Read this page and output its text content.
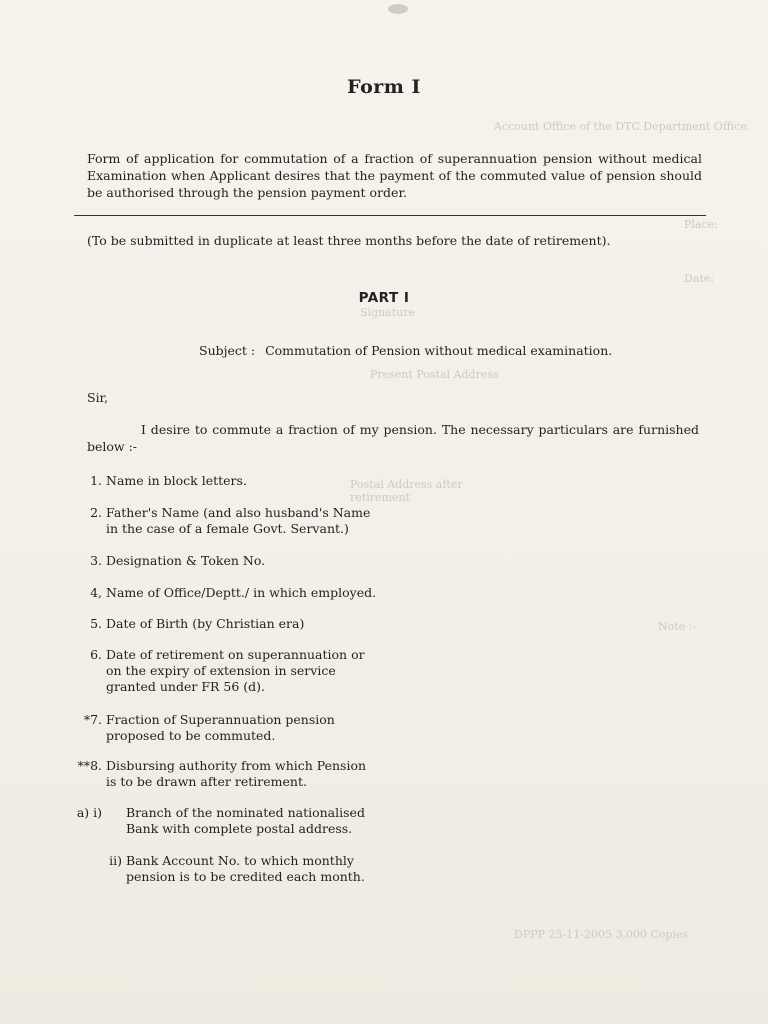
Account Office of the DTC Department Office.
Place:
Date:
Signature
Present Postal Address
Postal Address after retirement
Note :-
DPPP 25-11-2005 3,000 Copies
Form I
Form of application for commutation of a fraction of superannuation pension without medical Examination when Applicant desires that the payment of the commuted value of pension should be authorised through the pension payment order.
(To be submitted in duplicate at least three months before the date of retirement).
PART I
Subject : Commutation of Pension without medical examination.
Sir,
I desire to commute a fraction of my pension. The necessary particulars are furnished below :-
1. Name in block letters.
2. Father's Name (and also husband's Name in the case of a female Govt. Servant.)
3. Designation & Token No.
4, Name of Office/Deptt./ in which employed.
5. Date of Birth (by Christian era)
6. Date of retirement on superannuation or on the expiry of extension in service granted under FR 56 (d).
*7. Fraction of Superannuation pension proposed to be commuted.
**8. Disbursing authority from which Pension is to be drawn after retirement.
a) i) Branch of the nominated nationalised Bank with complete postal address.
ii) Bank Account No. to which monthly pension is to be credited each month.
